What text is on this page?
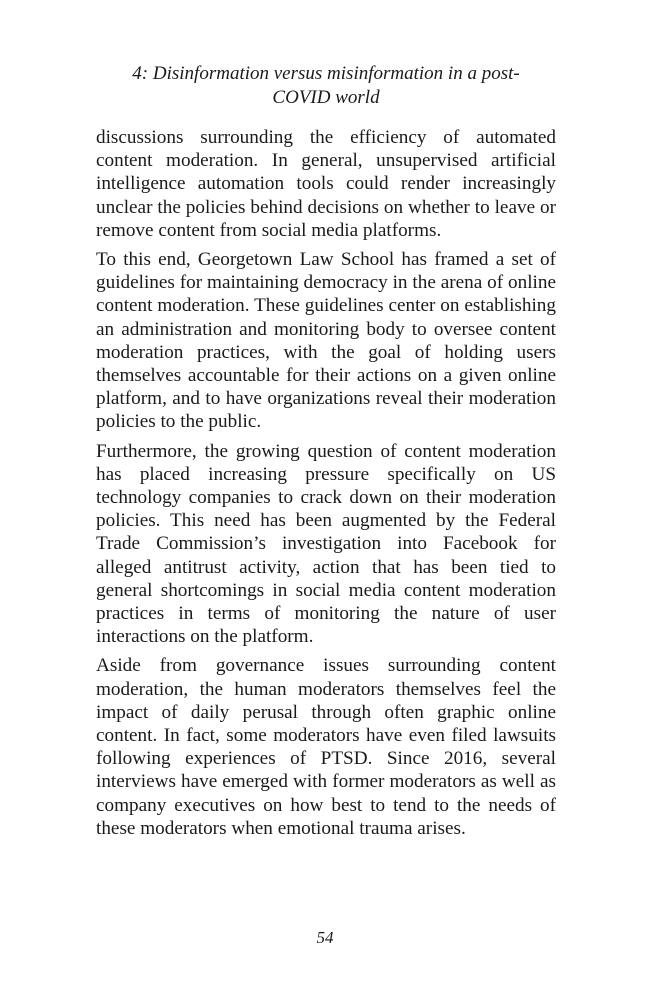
4: Disinformation versus misinformation in a post-
COVID world

discussions surrounding the efficiency of automated content moderation. In general, unsupervised artificial intelligence automation tools could render increasingly unclear the policies behind decisions on whether to leave or remove content from social media platforms.

To this end, Georgetown Law School has framed a set of guidelines for maintaining democracy in the arena of online content moderation. These guidelines center on establishing an administration and monitoring body to oversee content moderation practices, with the goal of holding users themselves accountable for their actions on a given online platform, and to have organizations reveal their moderation policies to the public.

Furthermore, the growing question of content moderation has placed increasing pressure specifically on US technology companies to crack down on their moderation policies. This need has been augmented by the Federal Trade Commission’s investigation into Facebook for alleged antitrust activity, action that has been tied to general shortcomings in social media content moderation practices in terms of monitoring the nature of user interactions on the platform.

Aside from governance issues surrounding content moderation, the human moderators themselves feel the impact of daily perusal through often graphic online content. In fact, some moderators have even filed lawsuits following experiences of PTSD. Since 2016, several interviews have emerged with former moderators as well as company executives on how best to tend to the needs of these moderators when emotional trauma arises.

54
